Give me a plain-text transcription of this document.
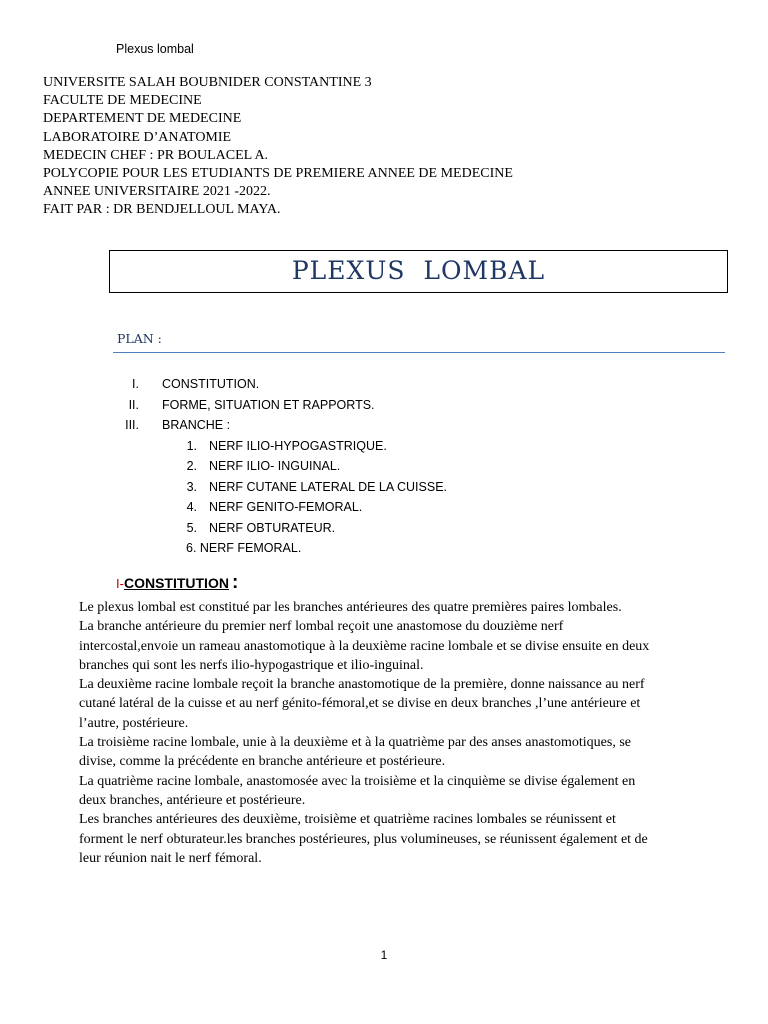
Plexus lombal
UNIVERSITE SALAH BOUBNIDER CONSTANTINE 3
FACULTE DE MEDECINE
DEPARTEMENT DE MEDECINE
LABORATOIRE D’ANATOMIE
MEDECIN CHEF : PR BOULACEL A.
POLYCOPIE POUR LES ETUDIANTS DE PREMIERE ANNEE DE MEDECINE
ANNEE UNIVERSITAIRE 2021 -2022.
FAIT PAR : DR BENDJELLOUL MAYA.
PLEXUS  LOMBAL
PLAN :
I. CONSTITUTION.
II. FORME, SITUATION ET RAPPORTS.
III. BRANCHE :
1. NERF ILIO-HYPOGASTRIQUE.
2. NERF ILIO- INGUINAL.
3. NERF CUTANE LATERAL DE LA CUISSE.
4. NERF GENITO-FEMORAL.
5. NERF OBTURATEUR.
6. NERF FEMORAL.
I-CONSTITUTION :
Le plexus lombal est constitué par les branches antérieures des quatre premières paires lombales.
La branche antérieure du premier nerf lombal reçoit une anastomose du douzième nerf
intercostal,envoie un rameau anastomotique à la deuxième racine lombale et se divise ensuite en deux
branches qui sont les nerfs ilio-hypogastrique et ilio-inguinal.
La deuxième racine lombale reçoit la branche anastomotique de la première, donne naissance au nerf
cutané latéral de la cuisse et au nerf génito-fémoral,et se divise en deux branches ,l’une antérieure et
l’autre, postérieure.
La troisième racine lombale, unie à la deuxième et à la quatrième par des anses anastomotiques, se
divise, comme la précédente en branche antérieure et postérieure.
La quatrième racine lombale, anastomosée avec la troisième et la cinquième se divise également en
deux branches, antérieure et postérieure.
Les branches antérieures des deuxième, troisième et quatrième racines lombales se réunissent et
forment le nerf obturateur.les branches postérieures, plus volumineuses, se réunissent également et de
leur réunion nait le nerf fémoral.
1
